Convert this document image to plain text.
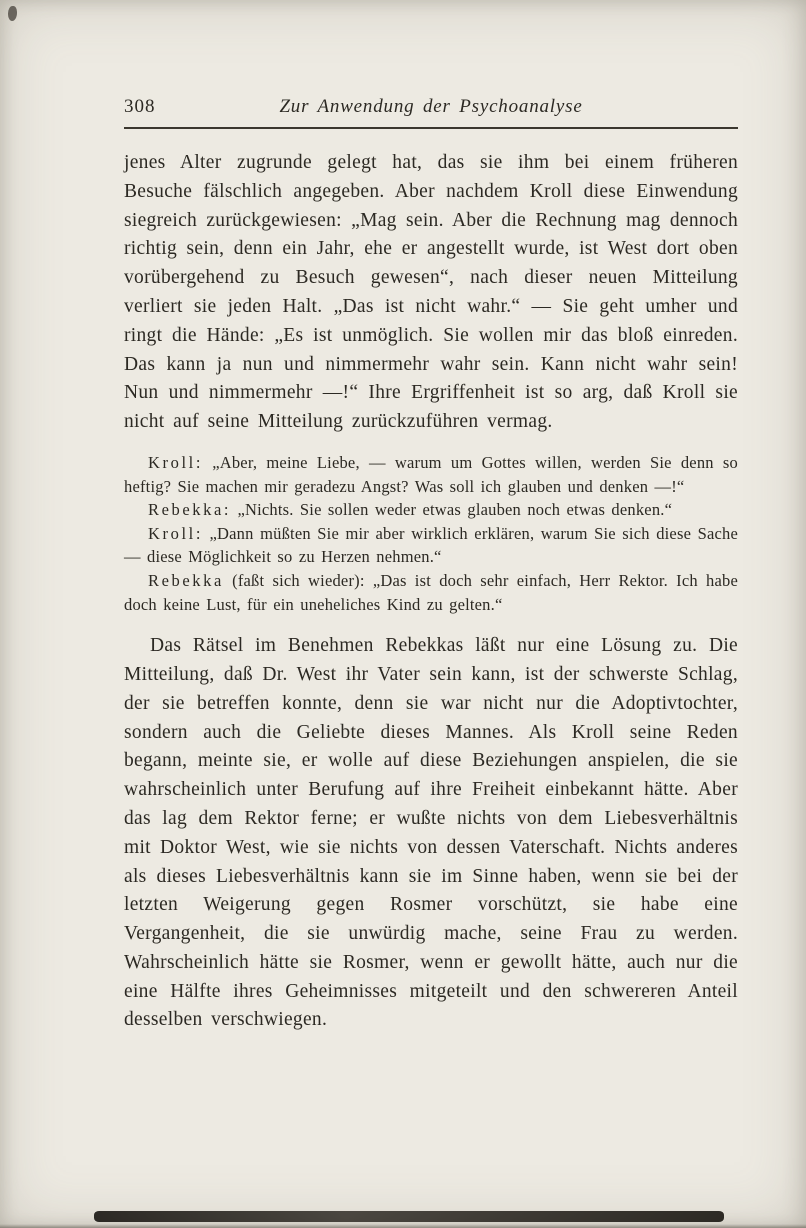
308	Zur Anwendung der Psychoanalyse

jenes Alter zugrunde gelegt hat, das sie ihm bei einem früheren Besuche fälschlich angegeben. Aber nachdem Kroll diese Einwendung siegreich zurückgewiesen: „Mag sein. Aber die Rechnung mag dennoch richtig sein, denn ein Jahr, ehe er angestellt wurde, ist West dort oben vorübergehend zu Besuch gewesen“, nach dieser neuen Mitteilung verliert sie jeden Halt. „Das ist nicht wahr.“ — Sie geht umher und ringt die Hände: „Es ist unmöglich. Sie wollen mir das bloß einreden. Das kann ja nun und nimmermehr wahr sein. Kann nicht wahr sein! Nun und nimmermehr —!“ Ihre Ergriffenheit ist so arg, daß Kroll sie nicht auf seine Mitteilung zurückzuführen vermag.

Kroll: „Aber, meine Liebe, — warum um Gottes willen, werden Sie denn so heftig? Sie machen mir geradezu Angst? Was soll ich glauben und denken —!“

Rebekka: „Nichts. Sie sollen weder etwas glauben noch etwas denken.“

Kroll: „Dann müßten Sie mir aber wirklich erklären, warum Sie sich diese Sache — diese Möglichkeit so zu Herzen nehmen.“

Rebekka (faßt sich wieder): „Das ist doch sehr einfach, Herr Rektor. Ich habe doch keine Lust, für ein uneheliches Kind zu gelten.“

Das Rätsel im Benehmen Rebekkas läßt nur eine Lösung zu. Die Mitteilung, daß Dr. West ihr Vater sein kann, ist der schwerste Schlag, der sie betreffen konnte, denn sie war nicht nur die Adoptivtochter, sondern auch die Geliebte dieses Mannes. Als Kroll seine Reden begann, meinte sie, er wolle auf diese Beziehungen anspielen, die sie wahrscheinlich unter Berufung auf ihre Freiheit einbekannt hätte. Aber das lag dem Rektor ferne; er wußte nichts von dem Liebesverhältnis mit Doktor West, wie sie nichts von dessen Vaterschaft. Nichts anderes als dieses Liebesverhältnis kann sie im Sinne haben, wenn sie bei der letzten Weigerung gegen Rosmer vorschützt, sie habe eine Vergangenheit, die sie unwürdig mache, seine Frau zu werden. Wahrscheinlich hätte sie Rosmer, wenn er gewollt hätte, auch nur die eine Hälfte ihres Geheimnisses mitgeteilt und den schwereren Anteil desselben verschwiegen.
